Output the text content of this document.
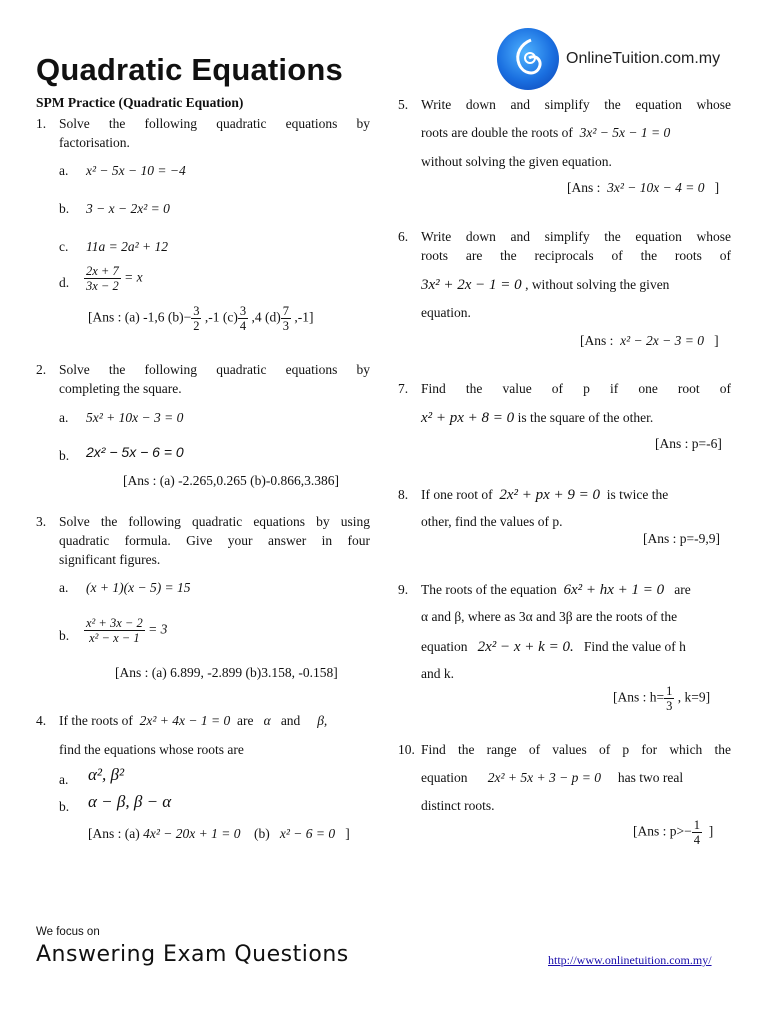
Quadratic Equations	OnlineTuition.com.my
SPM Practice (Quadratic Equation)
1. Solve the following quadratic equations by
factorisation.
a. x² − 5x − 10 = −4
b. 3 − x − 2x² = 0
c. 11a = 2a² + 12
d. $\frac{2x + 7}{3x - 2} = x$
[Ans : (a) -1,6 $(b)- \frac{3}{2} ,-1$ $(c) \frac{3}{4} ,4$ $(d) \frac{7}{3} ,-1$]
2. Solve the following quadratic equations by
completing the square.
a. 5x² + 10x − 3 = 0
b. 2x² − 5x − 6 = 0
[Ans : (a) -2.265,0.265 (b)-0.866,3.386]
3. Solve the following quadratic equations by using
quadratic formula. Give your answer in four
significant figures.
a. (x + 1)(x − 5) = 15
b. $\frac{\text{x² + 3x − 2}}{\text{x² − x − 1}} = 3$
[Ans : (a) 6.899, -2.899 (b)3.158, -0.158]
4. If the roots of 2x² + 4x − 1 = 0 are α and β,
find the equations whose roots are
a. α², β²
b. α − β, β − α
[Ans : (a) 4x² − 20x + 1 = 0 (b) x² − 6 = 0 ]
5. Write down and simplify the equation whose
roots are double the roots of 3x² − 5x − 1 = 0
without solving the given equation.
[Ans : 3x² − 10x − 4 = 0 ]
6. Write down and simplify the equation whose
roots are the reciprocals of the roots of
3x² + 2x − 1 = 0 , without solving the given
equation.
[Ans : x² − 2x − 3 = 0 ]
7. Find the value of p if one root of
x² + px + 8 = 0 is the square of the other.
[Ans : p=-6]
8. If one root of 2x² + px + 9 = 0 is twice the
other, find the values of p.
[Ans : p=-9,9]
9. The roots of the equation 6x² + hx + 1 = 0 are
α and β, where as 3α and 3β are the roots of the
equation 2x² − x + k = 0. Find the value of h
and k.
[Ans : $h= \frac{1}{3}$ , k=9]
10. Find the range of values of p for which the
equation 2x² + 5x + 3 − p = 0 has two real
distinct roots.
[Ans : $p>- \frac{1}{4}$ ]
We focus on
Answering Exam Questions	http://www.onlinetuition.com.my/
